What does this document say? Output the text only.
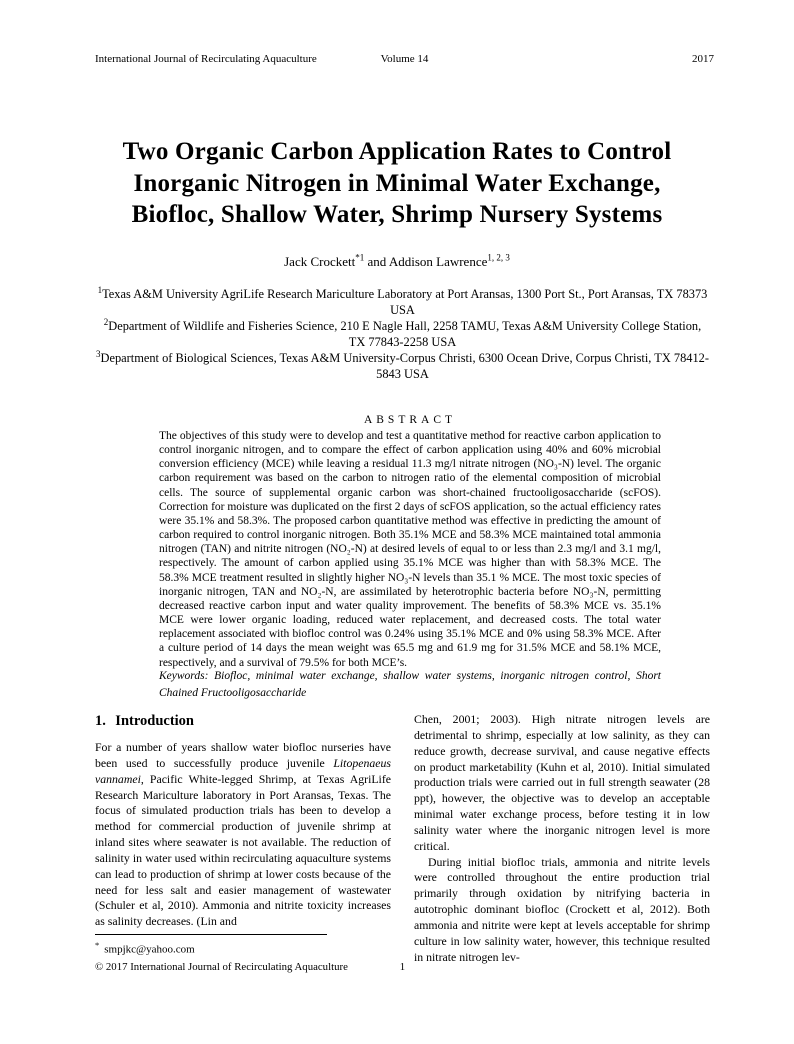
International Journal of Recirculating Aquaculture	Volume 14	2017
Two Organic Carbon Application Rates to Control
Inorganic Nitrogen in Minimal Water Exchange,
Biofloc, Shallow Water, Shrimp Nursery Systems
Jack Crockett$^{*1}$ and Addison Lawrence$^{1, 2, 3}$
$^1$Texas A&M University AgriLife Research Mariculture Laboratory at Port Aransas, 1300 Port St., Port Aransas, TX 78373 USA
$^2$Department of Wildlife and Fisheries Science, 210 E Nagle Hall, 2258 TAMU, Texas A&M University College Station, TX 77843-2258 USA
$^3$Department of Biological Sciences, Texas A&M University-Corpus Christi, 6300 Ocean Drive, Corpus Christi, TX 78412-5843 USA
ABSTRACT
The objectives of this study were to develop and test a quantitative method for reactive carbon application to control inorganic nitrogen, and to compare the effect of carbon application using 40% and 60% microbial conversion efficiency (MCE) while leaving a residual 11.3 mg/l nitrate nitrogen (NO₃-N) level. The organic carbon requirement was based on the carbon to nitrogen ratio of the elemental composition of microbial cells. The source of supplemental organic carbon was short-chained fructooligosaccharide (scFOS). Correction for moisture was duplicated on the first 2 days of scFOS application, so the actual efficiency rates were 35.1% and 58.3%. The proposed carbon quantitative method was effective in predicting the amount of carbon required to control inorganic nitrogen. Both 35.1% MCE and 58.3% MCE maintained total ammonia nitrogen (TAN) and nitrite nitrogen (NO₂-N) at desired levels of equal to or less than 2.3 mg/l and 3.1 mg/l, respectively. The amount of carbon applied using 35.1% MCE was higher than with 58.3% MCE. The 58.3% MCE treatment resulted in slightly higher NO₃-N levels than 35.1 % MCE. The most toxic species of inorganic nitrogen, TAN and NO₂-N, are assimilated by heterotrophic bacteria before NO₃-N, permitting decreased reactive carbon input and water quality improvement. The benefits of 58.3% MCE vs. 35.1% MCE were lower organic loading, reduced water replacement, and decreased costs. The total water replacement associated with biofloc control was 0.24% using 35.1% MCE and 0% using 58.3% MCE. After a culture period of 14 days the mean weight was 65.5 mg and 61.9 mg for 31.5% MCE and 58.1% MCE, respectively, and a survival of 79.5% for both MCE’s.
Keywords: Biofloc, minimal water exchange, shallow water systems, inorganic nitrogen control, Short Chained Fructooligosaccharide
1. Introduction

For a number of years shallow water biofloc nurseries have been used to successfully produce juvenile Litopenaeus vannamei, Pacific White-legged Shrimp, at Texas AgriLife Research Mariculture laboratory in Port Aransas, Texas. The focus of simulated production trials has been to develop a method for commercial production of juvenile shrimp at inland sites where seawater is not available. The reduction of salinity in water used within recirculating aquaculture systems can lead to production of shrimp at lower costs because of the need for less salt and easier management of wastewater (Schuler et al, 2010). Ammonia and nitrite toxicity increases as salinity decreases. (Lin and

Chen, 2001; 2003). High nitrate nitrogen levels are detrimental to shrimp, especially at low salinity, as they can reduce growth, decrease survival, and cause negative effects on product marketability (Kuhn et al, 2010). Initial simulated production trials were carried out in full strength seawater (28 ppt), however, the objective was to develop an acceptable minimal water exchange process, before testing it in low salinity water where the inorganic nitrogen level is more critical.

During initial biofloc trials, ammonia and nitrite levels were controlled throughout the entire production trial primarily through oxidation by nitrifying bacteria in autotrophic dominant biofloc (Crockett et al, 2012). Both ammonia and nitrite were kept at levels acceptable for shrimp culture in low salinity water, however, this technique resulted in nitrate nitrogen lev-

* smpjkc@yahoo.com
© 2017 International Journal of Recirculating Aquaculture	1
